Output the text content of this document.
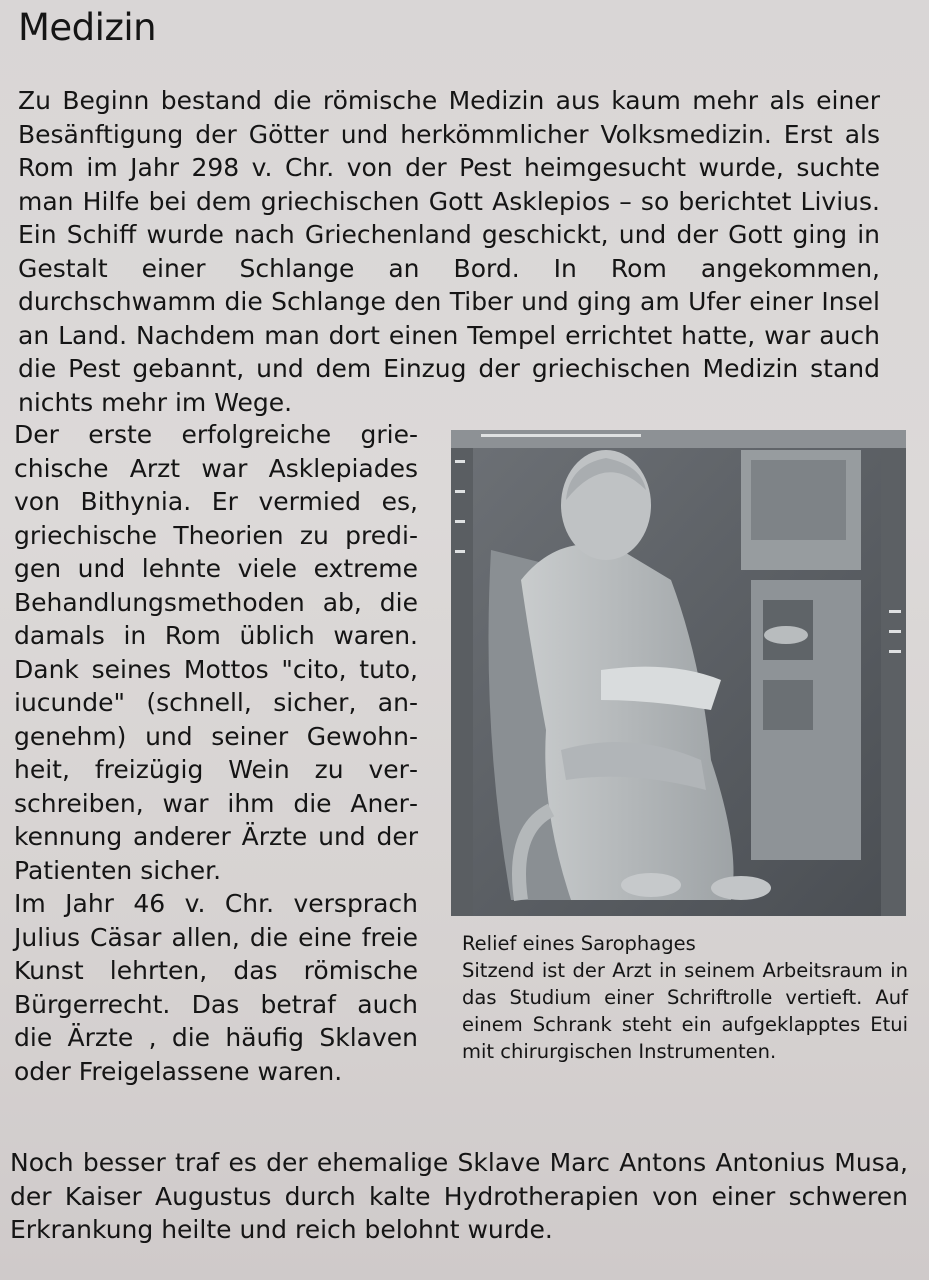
Medizin

Zu Beginn bestand die römische Medizin aus kaum mehr als einer Besänftigung der Götter und herkömmlicher Volksmedizin. Erst als Rom im Jahr 298 v. Chr. von der Pest heimgesucht wurde, suchte man Hilfe bei dem griechischen Gott Asklepios – so berichtet Livius. Ein Schiff wurde nach Griechenland geschickt, und der Gott ging in Gestalt einer Schlange an Bord. In Rom angekommen, durchschwamm die Schlange den Tiber und ging am Ufer einer Insel an Land. Nachdem man dort einen Tempel errichtet hatte, war auch die Pest gebannt, und dem Einzug der griechischen Medizin stand nichts mehr im Wege.

Der erste erfolgreiche griechische Arzt war Asklepiades von Bithynia. Er vermied es, griechische Theorien zu predigen und lehnte viele extreme Behandlungsmethoden ab, die damals in Rom üblich waren. Dank seines Mottos "cito, tuto, iucunde" (schnell, sicher, angenehm) und seiner Gewohnheit, freizügig Wein zu verschreiben, war ihm die Anerkennung anderer Ärzte und der Patienten sicher.

Im Jahr 46 v. Chr. versprach Julius Cäsar allen, die eine freie Kunst lehrten, das römische Bürgerrecht. Das betraf auch die Ärzte , die häufig Sklaven oder Freigelassene waren.

Relief eines Sarophages
Sitzend ist der Arzt in seinem Arbeitsraum in das Studium einer Schriftrolle vertieft. Auf einem Schrank steht ein aufgeklapptes Etui mit chirurgischen Instrumenten.

Noch besser traf es der ehemalige Sklave Marc Antons Antonius Musa, der Kaiser Augustus durch kalte Hydrotherapien von einer schweren Erkrankung heilte und reich belohnt wurde.
